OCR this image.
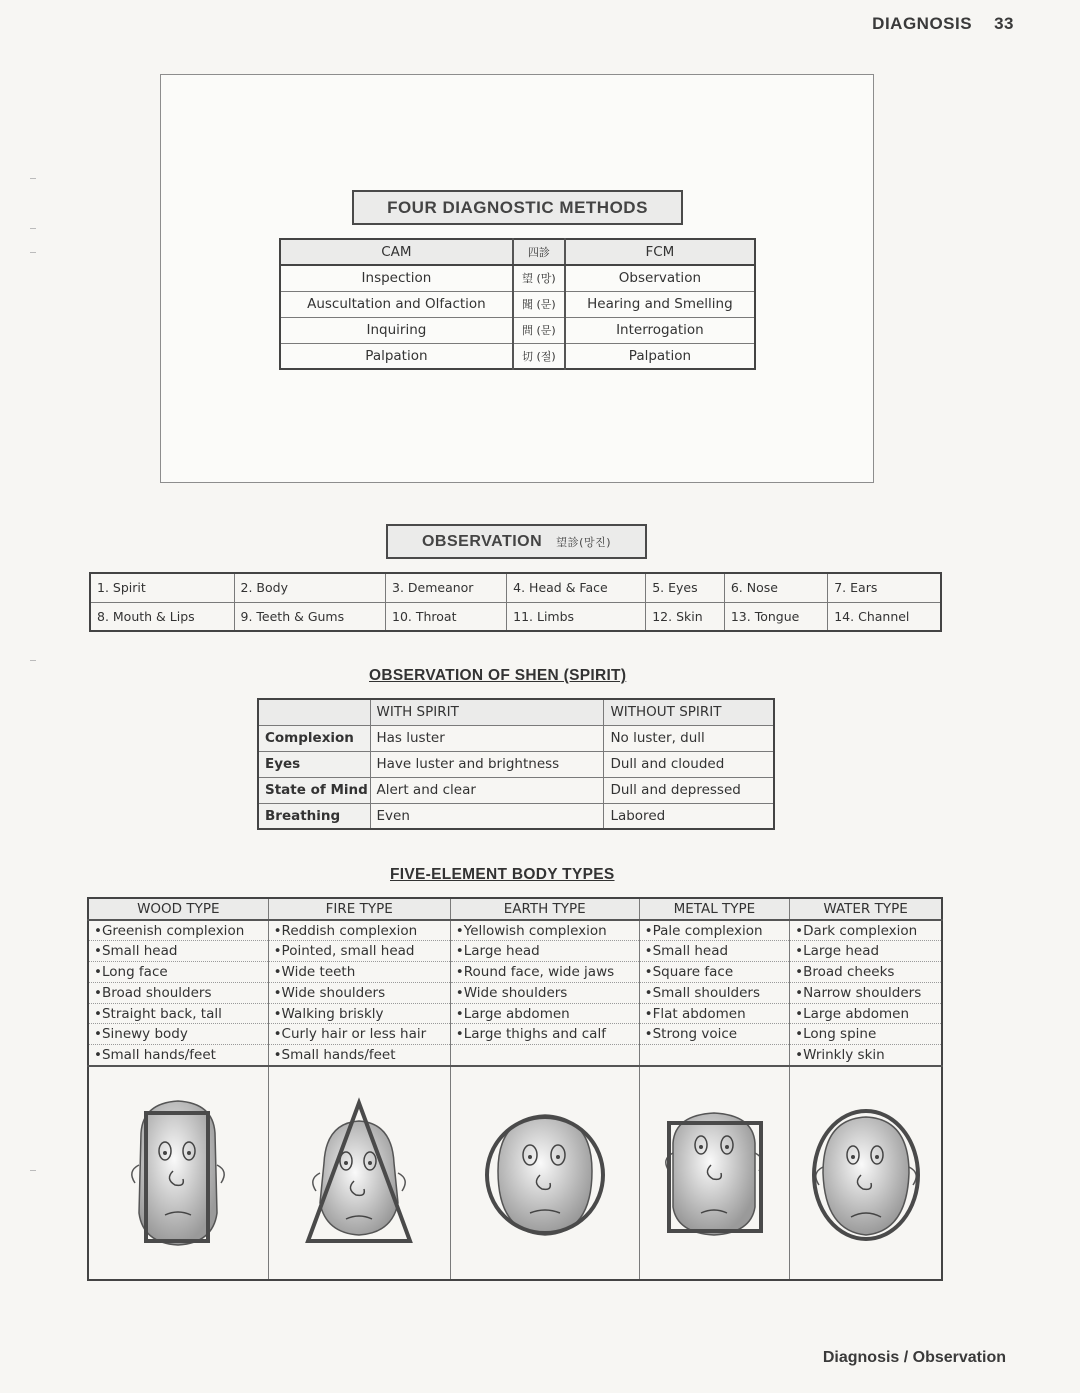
DIAGNOSIS 33
FOUR DIAGNOSTIC METHODS
CAM	四診	FCM
Inspection	望 (망)	Observation
Auscultation and Olfaction	聞 (문)	Hearing and Smelling
Inquiring	問 (문)	Interrogation
Palpation	切 (절)	Palpation
OBSERVATION 望診(망진)
1. Spirit	2. Body	3. Demeanor	4. Head & Face	5. Eyes	6. Nose	7. Ears
8. Mouth & Lips	9. Teeth & Gums	10. Throat	11. Limbs	12. Skin	13. Tongue	14. Channel
OBSERVATION OF SHEN (SPIRIT)
	WITH SPIRIT	WITHOUT SPIRIT
Complexion	Has luster	No luster, dull
Eyes	Have luster and brightness	Dull and clouded
State of Mind	Alert and clear	Dull and depressed
Breathing	Even	Labored
FIVE-ELEMENT BODY TYPES
WOOD TYPE	FIRE TYPE	EARTH TYPE	METAL TYPE	WATER TYPE
•Greenish complexion	•Reddish complexion	•Yellowish complexion	•Pale complexion	•Dark complexion
•Small head	•Pointed, small head	•Large head	•Small head	•Large head
•Long face	•Wide teeth	•Round face, wide jaws	•Square face	•Broad cheeks
•Broad shoulders	•Wide shoulders	•Wide shoulders	•Small shoulders	•Narrow shoulders
•Straight back, tall	•Walking briskly	•Large abdomen	•Flat abdomen	•Large abdomen
•Sinewy body	•Curly hair or less hair	•Large thighs and calf	•Strong voice	•Long spine
•Small hands/feet	•Small hands/feet			•Wrinkly skin

Diagnosis / Observation
